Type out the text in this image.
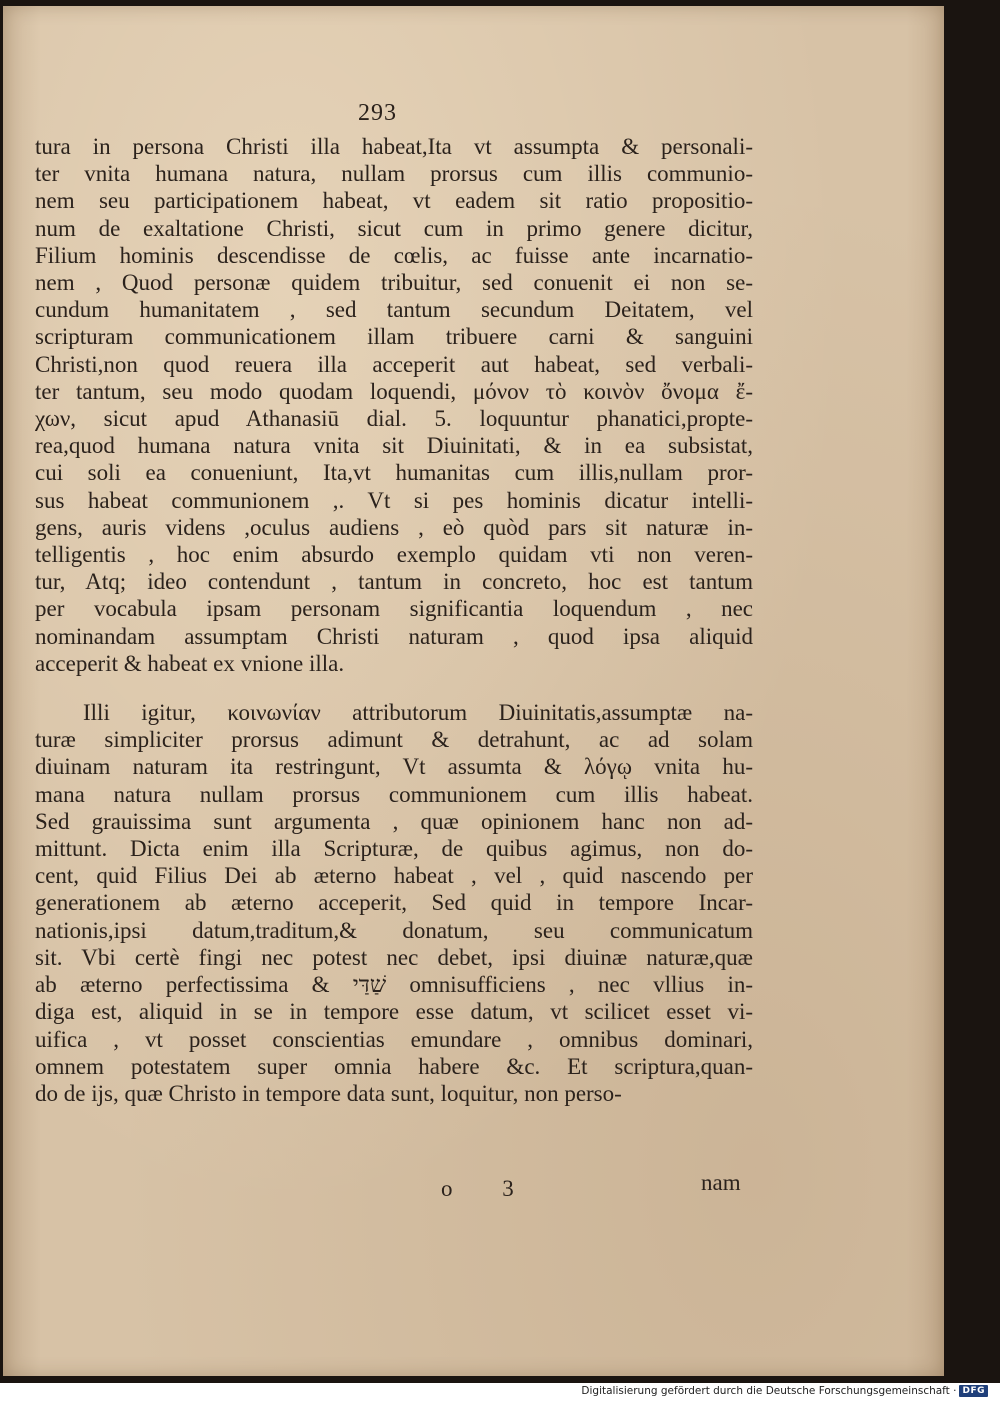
293
tura in persona Christi illa habeat,Ita vt assumpta & personali-
ter vnita humana natura, nullam prorsus cum illis communio-
nem seu participationem habeat, vt eadem sit ratio propositio-
num de exaltatione Christi, sicut cum in primo genere dicitur,
Filium hominis descendisse de cœlis, ac fuisse ante incarnatio-
nem , Quod personæ quidem tribuitur, sed conuenit ei non se-
cundum humanitatem , sed tantum secundum Deitatem, vel
scripturam communicationem illam tribuere carni & sanguini
Christi,non quod reuera illa acceperit aut habeat, sed verbali-
ter tantum, seu modo quodam loquendi, μόνον τὸ κοινὸν ὄνομα ἔ-
χων, sicut apud Athanasiū dial. 5. loquuntur phanatici,propte-
rea,quod humana natura vnita sit Diuinitati, & in ea subsistat,
cui soli ea conueniunt, Ita,vt humanitas cum illis,nullam pror-
sus habeat communionem ,. Vt si pes hominis dicatur intelli-
gens, auris videns ,oculus audiens , eò quòd pars sit naturæ in-
telligentis , hoc enim absurdo exemplo quidam vti non veren-
tur, Atq; ideo contendunt , tantum in concreto, hoc est tantum
per vocabula ipsam personam significantia loquendum , nec
nominandam assumptam Christi naturam , quod ipsa aliquid
acceperit & habeat ex vnione illa.
Illi igitur, κοινωνίαν attributorum Diuinitatis,assumptæ na-
turæ simpliciter prorsus adimunt & detrahunt, ac ad solam
diuinam naturam ita restringunt, Vt assumta & λόγῳ vnita hu-
mana natura nullam prorsus communionem cum illis habeat.
Sed grauissima sunt argumenta , quæ opinionem hanc non ad-
mittunt. Dicta enim illa Scripturæ, de quibus agimus, non do-
cent, quid Filius Dei ab æterno habeat , vel , quid nascendo per
generationem ab æterno acceperit, Sed quid in tempore Incar-
nationis,ipsi datum,traditum,& donatum, seu communicatum
sit. Vbi certè fingi nec potest nec debet, ipsi diuinæ naturæ,quæ
ab æterno perfectissima & שַׁדַּי omnisufficiens , nec vllius in-
diga est, aliquid in se in tempore esse datum, vt scilicet esset vi-
uifica , vt posset conscientias emundare , omnibus dominari,
omnem potestatem super omnia habere &c. Et scriptura,quan-
do de ijs, quæ Christo in tempore data sunt, loquitur, non perso-
o 3	nam
Digitalisierung gefördert durch die Deutsche Forschungsgemeinschaft · DFG
